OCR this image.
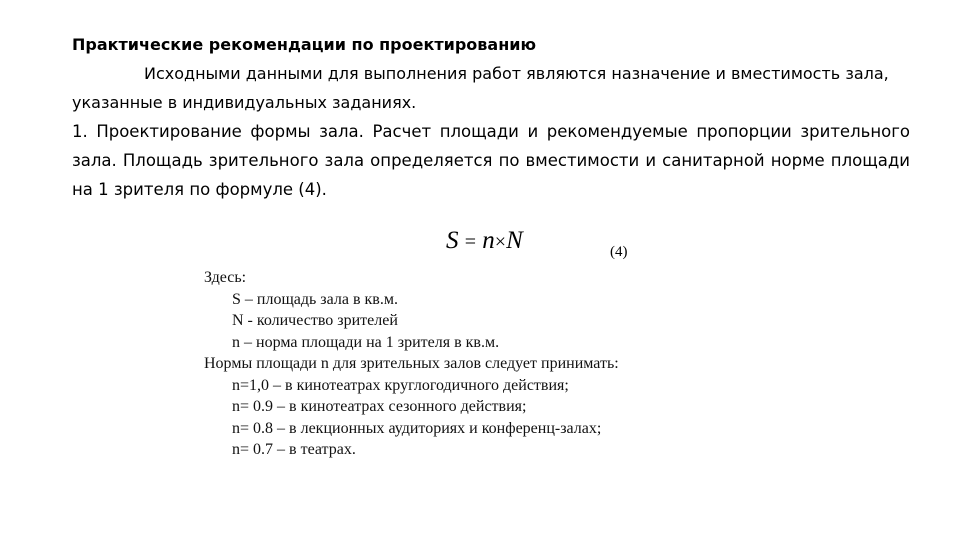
Практические рекомендации по проектированию

Исходными данными для выполнения работ являются назначение и вместимость зала, указанные в индивидуальных заданиях.

1. Проектирование формы зала. Расчет площади и рекомендуемые пропорции зрительного зала. Площадь зрительного зала определяется по вместимости и санитарной норме площади на 1 зрителя по формуле (4).

S = n×N	(4)
Здесь:
S – площадь зала в кв.м.
N - количество зрителей
n – норма площади на 1 зрителя в кв.м.
Нормы площади n для зрительных залов следует принимать:
n=1,0 – в кинотеатрах круглогодичного действия;
n= 0.9 – в кинотеатрах сезонного действия;
n= 0.8 – в лекционных аудиториях и конференц-залах;
n= 0.7 – в театрах.
